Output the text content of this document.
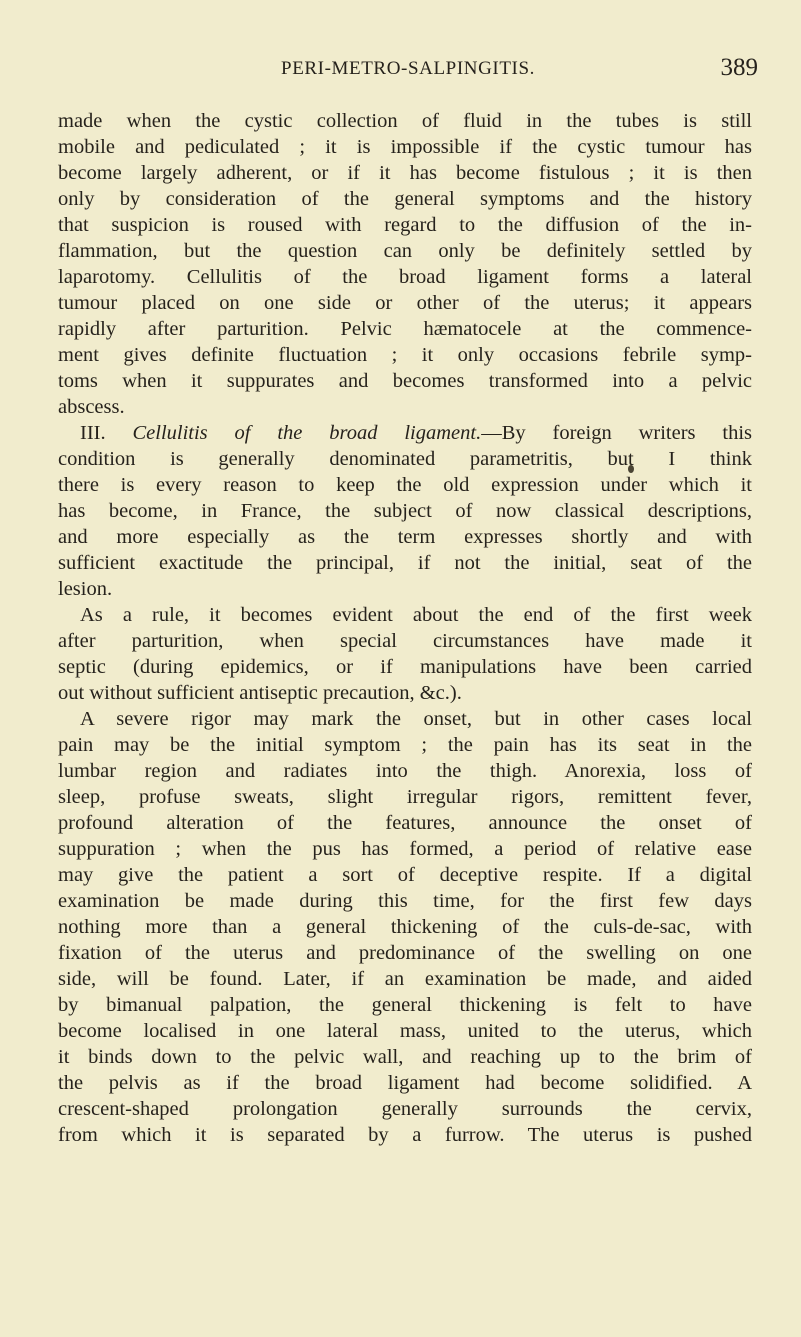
PERI-METRO-SALPINGITIS.	389
made when the cystic collection of fluid in the tubes is still
mobile and pediculated ; it is impossible if the cystic tumour has
become largely adherent, or if it has become fistulous ; it is then
only by consideration of the general symptoms and the history
that suspicion is roused with regard to the diffusion of the in-
flammation, but the question can only be definitely settled by
laparotomy. Cellulitis of the broad ligament forms a lateral
tumour placed on one side or other of the uterus; it appears
rapidly after parturition. Pelvic hæmatocele at the commence-
ment gives definite fluctuation ; it only occasions febrile symp-
toms when it suppurates and becomes transformed into a pelvic
abscess.
III. Cellulitis of the broad ligament.—By foreign writers this
condition is generally denominated parametritis, but I think
there is every reason to keep the old expression under which it
has become, in France, the subject of now classical descriptions,
and more especially as the term expresses shortly and with
sufficient exactitude the principal, if not the initial, seat of the
lesion.
As a rule, it becomes evident about the end of the first week
after parturition, when special circumstances have made it
septic (during epidemics, or if manipulations have been carried
out without sufficient antiseptic precaution, &c.).
A severe rigor may mark the onset, but in other cases local
pain may be the initial symptom ; the pain has its seat in the
lumbar region and radiates into the thigh. Anorexia, loss of
sleep, profuse sweats, slight irregular rigors, remittent fever,
profound alteration of the features, announce the onset of
suppuration ; when the pus has formed, a period of relative ease
may give the patient a sort of deceptive respite. If a digital
examination be made during this time, for the first few days
nothing more than a general thickening of the culs-de-sac, with
fixation of the uterus and predominance of the swelling on one
side, will be found. Later, if an examination be made, and aided
by bimanual palpation, the general thickening is felt to have
become localised in one lateral mass, united to the uterus, which
it binds down to the pelvic wall, and reaching up to the brim of
the pelvis as if the broad ligament had become solidified. A
crescent-shaped prolongation generally surrounds the cervix,
from which it is separated by a furrow. The uterus is pushed
